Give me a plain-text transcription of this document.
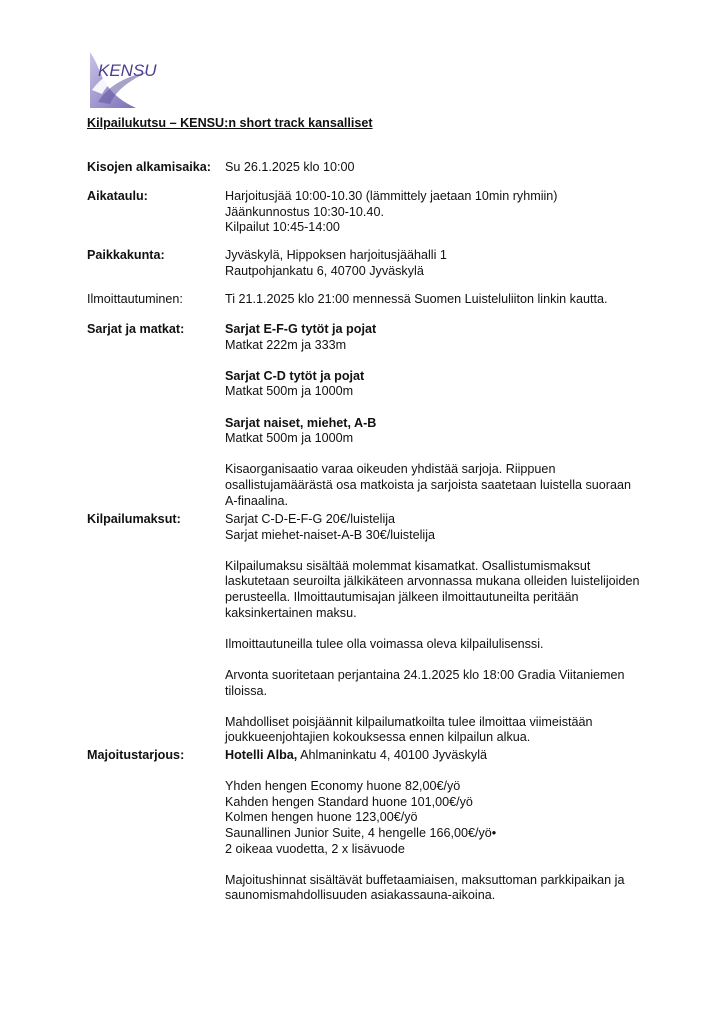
KENSU
Kilpailukutsu – KENSU:n short track kansalliset
Kisojen alkamisaika: Su 26.1.2025 klo 10:00
Aikataulu:	Harjoitusjää 10:00-10.30 (lämmittely jaetaan 10min ryhmiin)
Jäänkunnostus 10:30-10.40.
Kilpailut 10:45-14:00
Paikkakunta:	Jyväskylä, Hippoksen harjoitusjäähalli 1
Rautpohjankatu 6, 40700 Jyväskylä
Ilmoittautuminen:	Ti 21.1.2025 klo 21:00 mennessä Suomen Luisteluliiton linkin kautta.
Sarjat ja matkat:	Sarjat E-F-G tytöt ja pojat
Matkat 222m ja 333m

Sarjat C-D tytöt ja pojat
Matkat 500m ja 1000m

Sarjat naiset, miehet, A-B
Matkat 500m ja 1000m

Kisaorganisaatio varaa oikeuden yhdistää sarjoja. Riippuen osallistujamäärästä osa matkoista ja sarjoista saatetaan luistella suoraan A-finaalina.

Kilpailumaksut:	Sarjat C-D-E-F-G 20€/luistelija
Sarjat miehet-naiset-A-B 30€/luistelija

Kilpailumaksu sisältää molemmat kisamatkat. Osallistumismaksut laskutetaan seuroilta jälkikäteen arvonnassa mukana olleiden luistelijoiden perusteella. Ilmoittautumisajan jälkeen ilmoittautuneilta peritään kaksinkertainen maksu.

Ilmoittautuneilla tulee olla voimassa oleva kilpailulisenssi.

Arvonta suoritetaan perjantaina 24.1.2025 klo 18:00 Gradia Viitaniemen tiloissa.

Mahdolliset poisjäännit kilpailumatkoilta tulee ilmoittaa viimeistään joukkueenjohtajien kokouksessa ennen kilpailun alkua.

Majoitustarjous:	Hotelli Alba, Ahlmaninkatu 4, 40100 Jyväskylä

Yhden hengen Economy huone 82,00€/yö
Kahden hengen Standard huone 101,00€/yö
Kolmen hengen huone 123,00€/yö
Saunallinen Junior Suite, 4 hengelle 166,00€/yö•
2 oikeaa vuodetta, 2 x lisävuode

Majoitushinnat sisältävät buffetaamiaisen, maksuttoman parkkipaikan ja saunomismahdollisuuden asiakassauna-aikoina.
